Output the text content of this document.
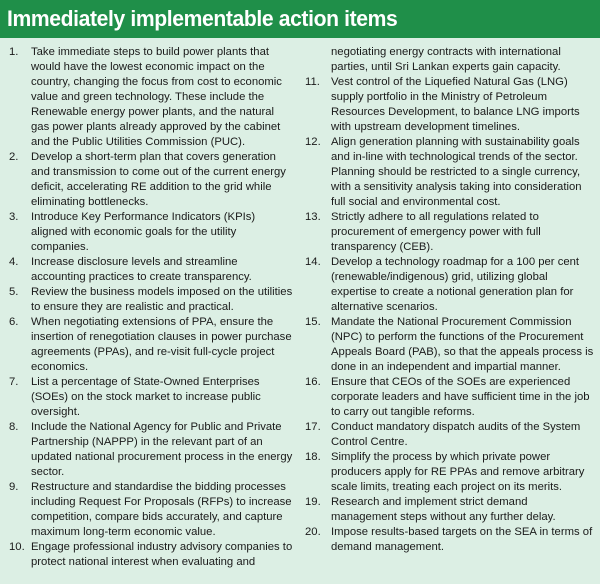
Immediately implementable action items
1.	Take immediate steps to build power plants that would have the lowest economic impact on the country, changing the focus from cost to economic value and green technology. These include the Renewable energy power plants, and the natural gas power plants already approved by the cabinet and the Public Utilities Commission (PUC).
2.	Develop a short-term plan that covers generation and transmission to come out of the current energy deficit, accelerating RE addition to the grid while eliminating bottlenecks.
3.	Introduce Key Performance Indicators (KPIs) aligned with economic goals for the utility companies.
4.	Increase disclosure levels and streamline accounting practices to create transparency.
5.	Review the business models imposed on the utilities to ensure they are realistic and practical.
6.	When negotiating extensions of PPA, ensure the insertion of renegotiation clauses in power purchase agreements (PPAs), and re-visit full-cycle project economics.
7.	List a percentage of State-Owned Enterprises (SOEs) on the stock market to increase public oversight.
8.	Include the National Agency for Public and Private Partnership (NAPPP) in the relevant part of an updated national procurement process in the energy sector.
9.	Restructure and standardise the bidding processes including Request For Proposals (RFPs) to increase competition, compare bids accurately, and capture maximum long-term economic value.
10. Engage professional industry advisory companies to protect national interest when evaluating and
negotiating energy contracts with international parties, until Sri Lankan experts gain capacity.
11. Vest control of the Liquefied Natural Gas (LNG) supply portfolio in the Ministry of Petroleum Resources Development, to balance LNG imports with upstream development timelines.
12. Align generation planning with sustainability goals and in-line with technological trends of the sector. Planning should be restricted to a single currency, with a sensitivity analysis taking into consideration full social and environmental cost.
13. Strictly adhere to all regulations related to procurement of emergency power with full transparency (CEB).
14. Develop a technology roadmap for a 100 per cent (renewable/indigenous) grid, utilizing global expertise to create a notional generation plan for alternative scenarios.
15. Mandate the National Procurement Commission (NPC) to perform the functions of the Procurement Appeals Board (PAB), so that the appeals process is done in an independent and impartial manner.
16. Ensure that CEOs of the SOEs are experienced corporate leaders and have sufficient time in the job to carry out tangible reforms.
17. Conduct mandatory dispatch audits of the System Control Centre.
18. Simplify the process by which private power producers apply for RE PPAs and remove arbitrary scale limits, treating each project on its merits.
19. Research and implement strict demand management steps without any further delay.
20. Impose results-based targets on the SEA in terms of demand management.
